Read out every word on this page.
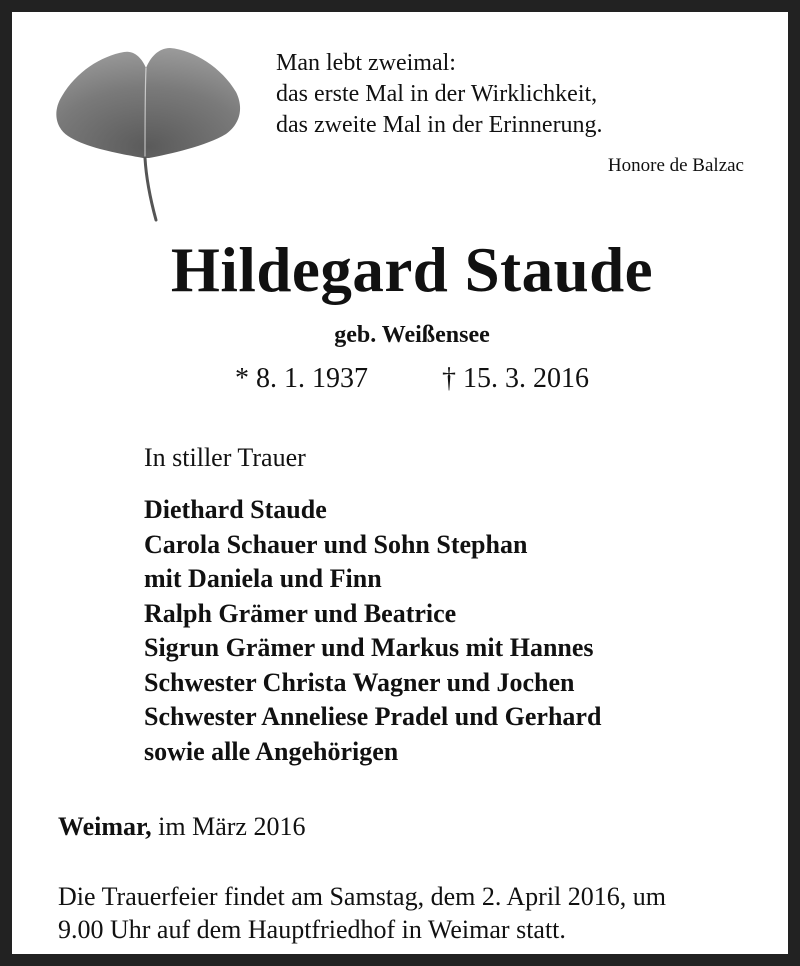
Man lebt zweimal:
das erste Mal in der Wirklichkeit,
das zweite Mal in der Erinnerung.
Honore de Balzac
Hildegard Staude
geb. Weißensee
* 8. 1. 1937	† 15. 3. 2016
In stiller Trauer
Diethard Staude
Carola Schauer und Sohn Stephan
mit Daniela und Finn
Ralph Grämer und Beatrice
Sigrun Grämer und Markus mit Hannes
Schwester Christa Wagner und Jochen
Schwester Anneliese Pradel und Gerhard
sowie alle Angehörigen
Weimar, im März 2016
Die Trauerfeier findet am Samstag, dem 2. April 2016, um
9.00 Uhr auf dem Hauptfriedhof in Weimar statt.
